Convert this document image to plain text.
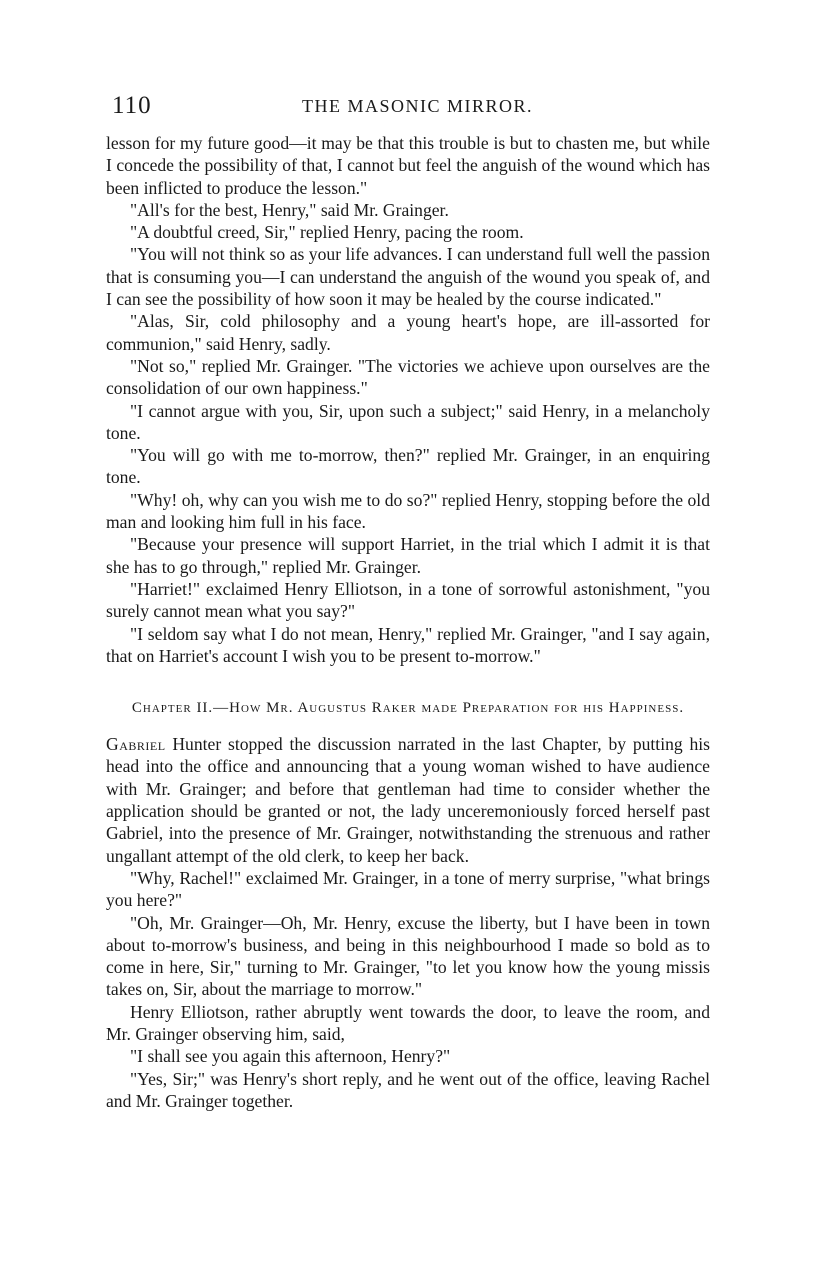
110	THE MASONIC MIRROR.

lesson for my future good—it may be that this trouble is but to chasten me, but while I concede the possibility of that, I cannot but feel the anguish of the wound which has been inflicted to produce the lesson."

"All's for the best, Henry," said Mr. Grainger.

"A doubtful creed, Sir," replied Henry, pacing the room.

"You will not think so as your life advances. I can understand full well the passion that is consuming you—I can understand the anguish of the wound you speak of, and I can see the possibility of how soon it may be healed by the course indicated."

"Alas, Sir, cold philosophy and a young heart's hope, are ill-assorted for communion," said Henry, sadly.

"Not so," replied Mr. Grainger. "The victories we achieve upon ourselves are the consolidation of our own happiness."

"I cannot argue with you, Sir, upon such a subject;" said Henry, in a melancholy tone.

"You will go with me to-morrow, then?" replied Mr. Grainger, in an enquiring tone.

"Why! oh, why can you wish me to do so?" replied Henry, stopping before the old man and looking him full in his face.

"Because your presence will support Harriet, in the trial which I admit it is that she has to go through," replied Mr. Grainger.

"Harriet!" exclaimed Henry Elliotson, in a tone of sorrowful astonishment, "you surely cannot mean what you say?"

"I seldom say what I do not mean, Henry," replied Mr. Grainger, "and I say again, that on Harriet's account I wish you to be present to-morrow."

Chapter II.—How Mr. Augustus Raker made Preparation for his Happiness.

Gabriel Hunter stopped the discussion narrated in the last Chapter, by putting his head into the office and announcing that a young woman wished to have audience with Mr. Grainger; and before that gentleman had time to consider whether the application should be granted or not, the lady unceremoniously forced herself past Gabriel, into the presence of Mr. Grainger, notwithstanding the strenuous and rather ungallant attempt of the old clerk, to keep her back.

"Why, Rachel!" exclaimed Mr. Grainger, in a tone of merry surprise, "what brings you here?"

"Oh, Mr. Grainger—Oh, Mr. Henry, excuse the liberty, but I have been in town about to-morrow's business, and being in this neighbourhood I made so bold as to come in here, Sir," turning to Mr. Grainger, "to let you know how the young missis takes on, Sir, about the marriage to morrow."

Henry Elliotson, rather abruptly went towards the door, to leave the room, and Mr. Grainger observing him, said,

"I shall see you again this afternoon, Henry?"

"Yes, Sir;" was Henry's short reply, and he went out of the office, leaving Rachel and Mr. Grainger together.
